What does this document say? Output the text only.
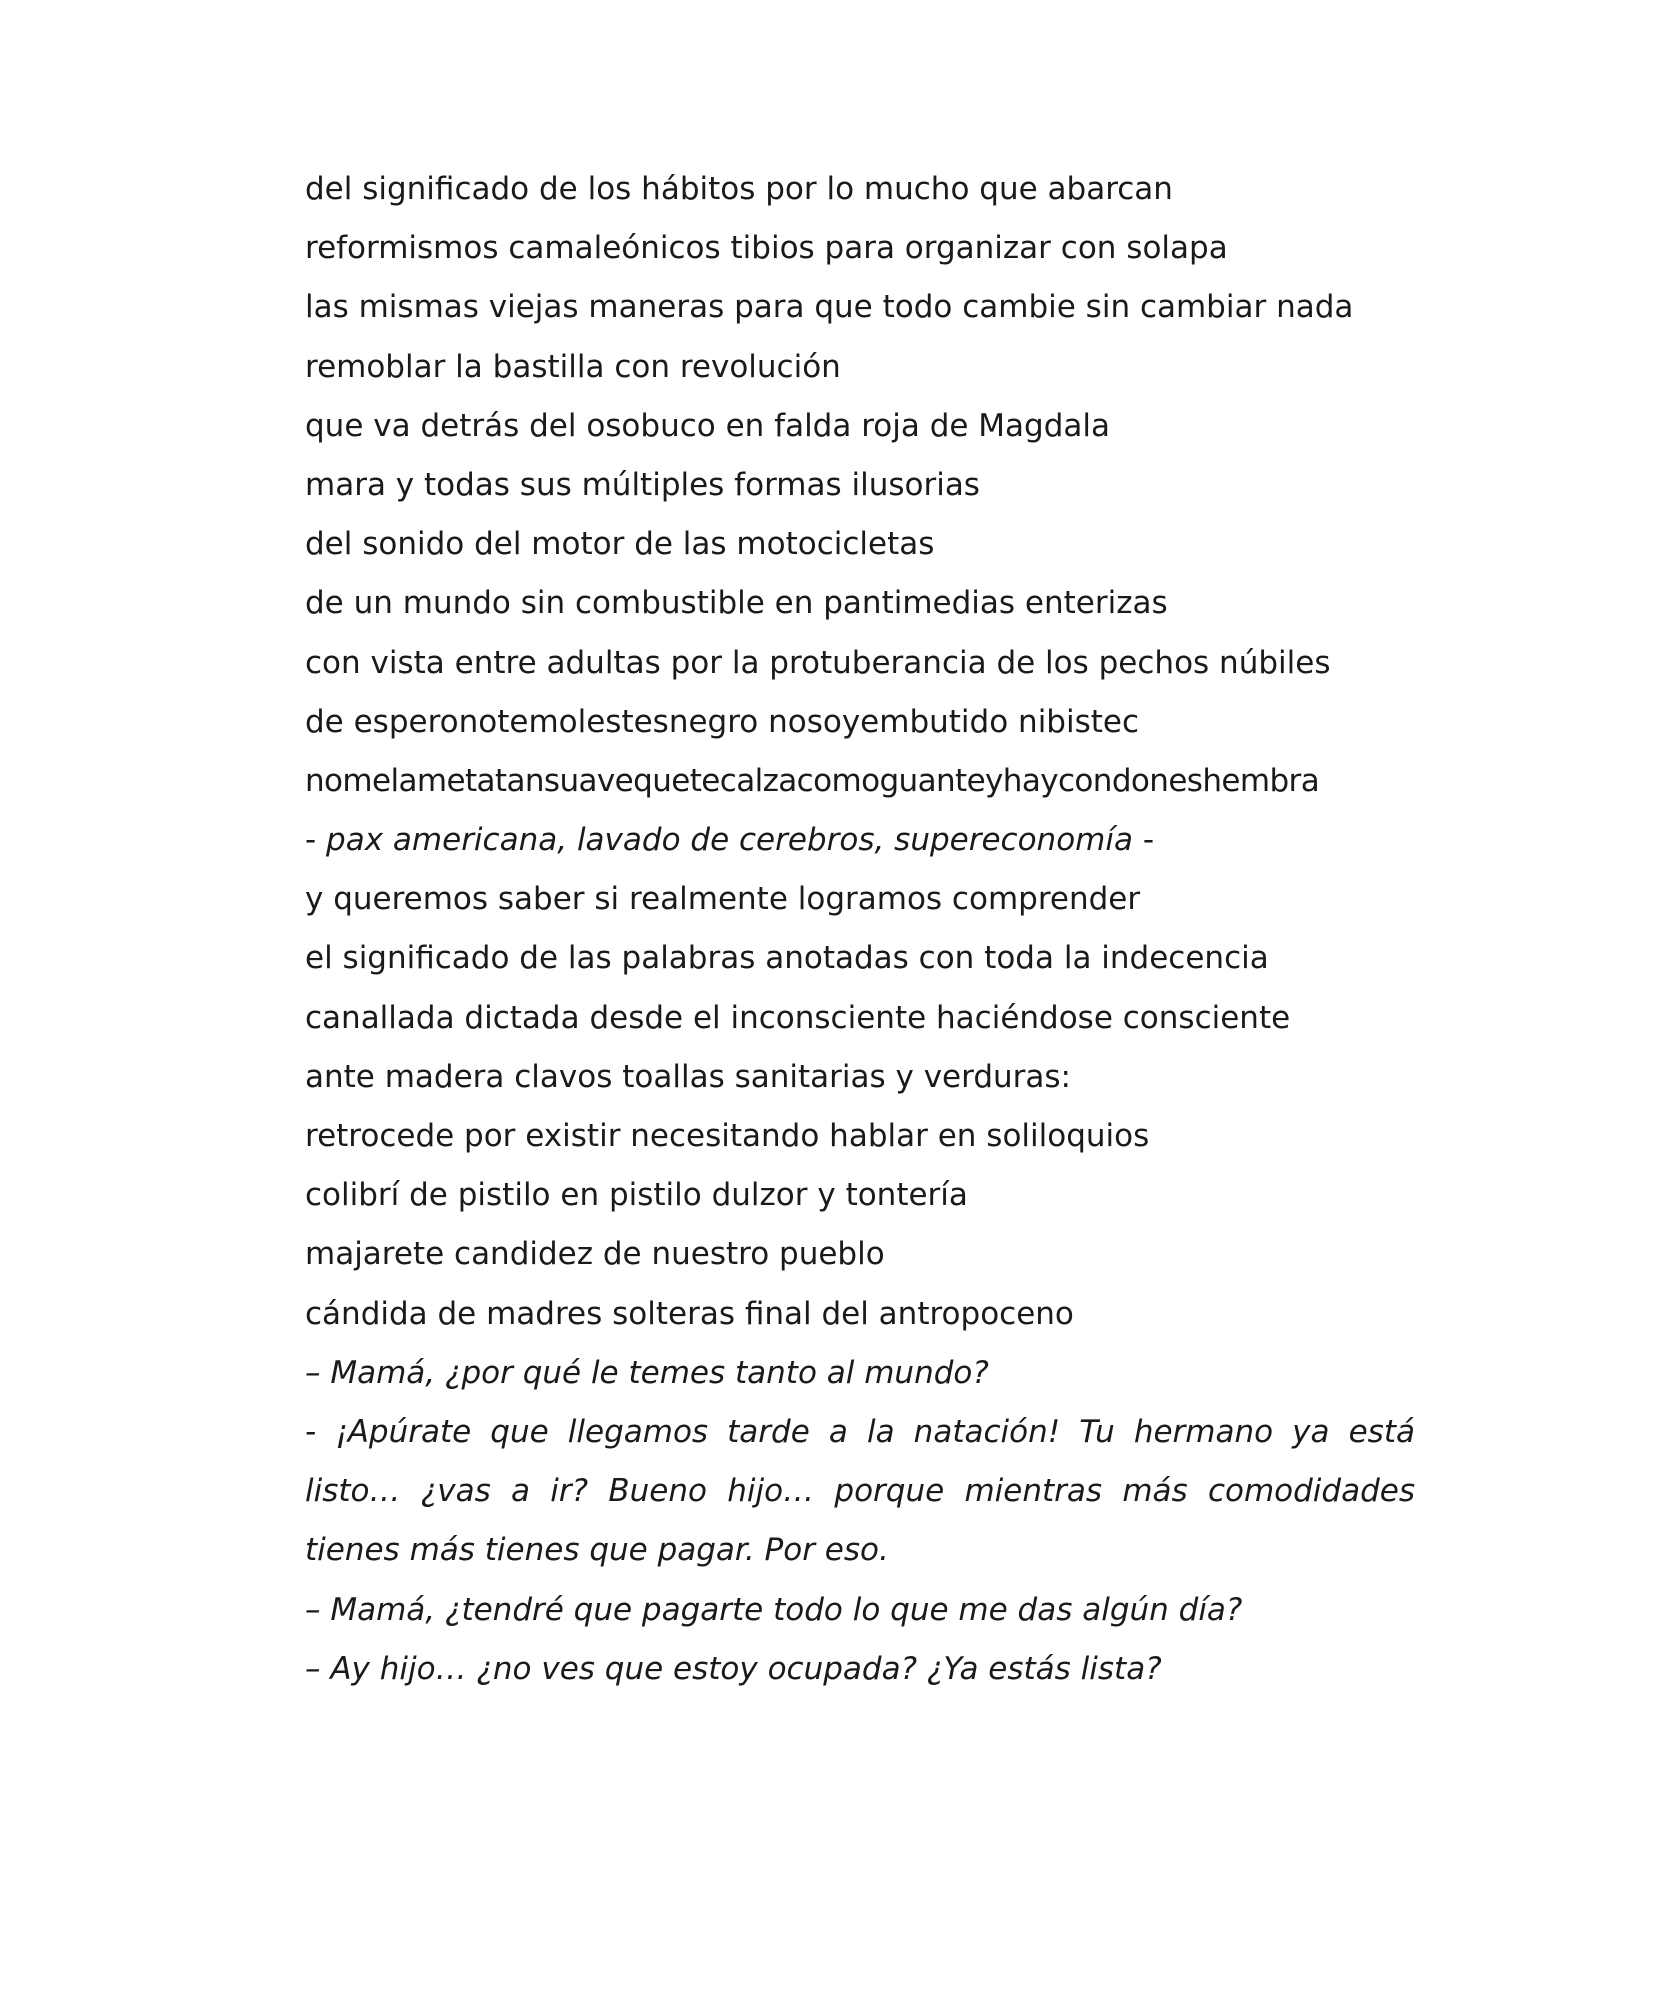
del significado de los hábitos por lo mucho que abarcan
reformismos camaleónicos tibios para organizar con solapa
las mismas viejas maneras para que todo cambie sin cambiar nada
remoblar la bastilla con revolución
que va detrás del osobuco en falda roja de Magdala
mara y todas sus múltiples formas ilusorias
del sonido del motor de las motocicletas
de un mundo sin combustible en pantimedias enterizas
con vista entre adultas por la protuberancia de los pechos núbiles
de esperonotemolestesnegro nosoyembutido nibistec
nomelametatansuavequetecalzacomoguanteyhaycondoneshembra
- pax americana, lavado de cerebros, supereconomía -
y queremos saber si realmente logramos comprender
el significado de las palabras anotadas con toda la indecencia
canallada dictada desde el inconsciente haciéndose consciente
ante madera clavos toallas sanitarias y verduras:
retrocede por existir necesitando hablar en soliloquios
colibrí de pistilo en pistilo dulzor y tontería
majarete candidez de nuestro pueblo
cándida de madres solteras final del antropoceno
– Mamá, ¿por qué le temes tanto al mundo?
- ¡Apúrate que llegamos tarde a la natación! Tu hermano ya está listo… ¿vas a ir? Bueno hijo… porque mientras más comodidades tienes más tienes que pagar. Por eso.
– Mamá, ¿tendré que pagarte todo lo que me das algún día?
– Ay hijo… ¿no ves que estoy ocupada? ¿Ya estás lista?
